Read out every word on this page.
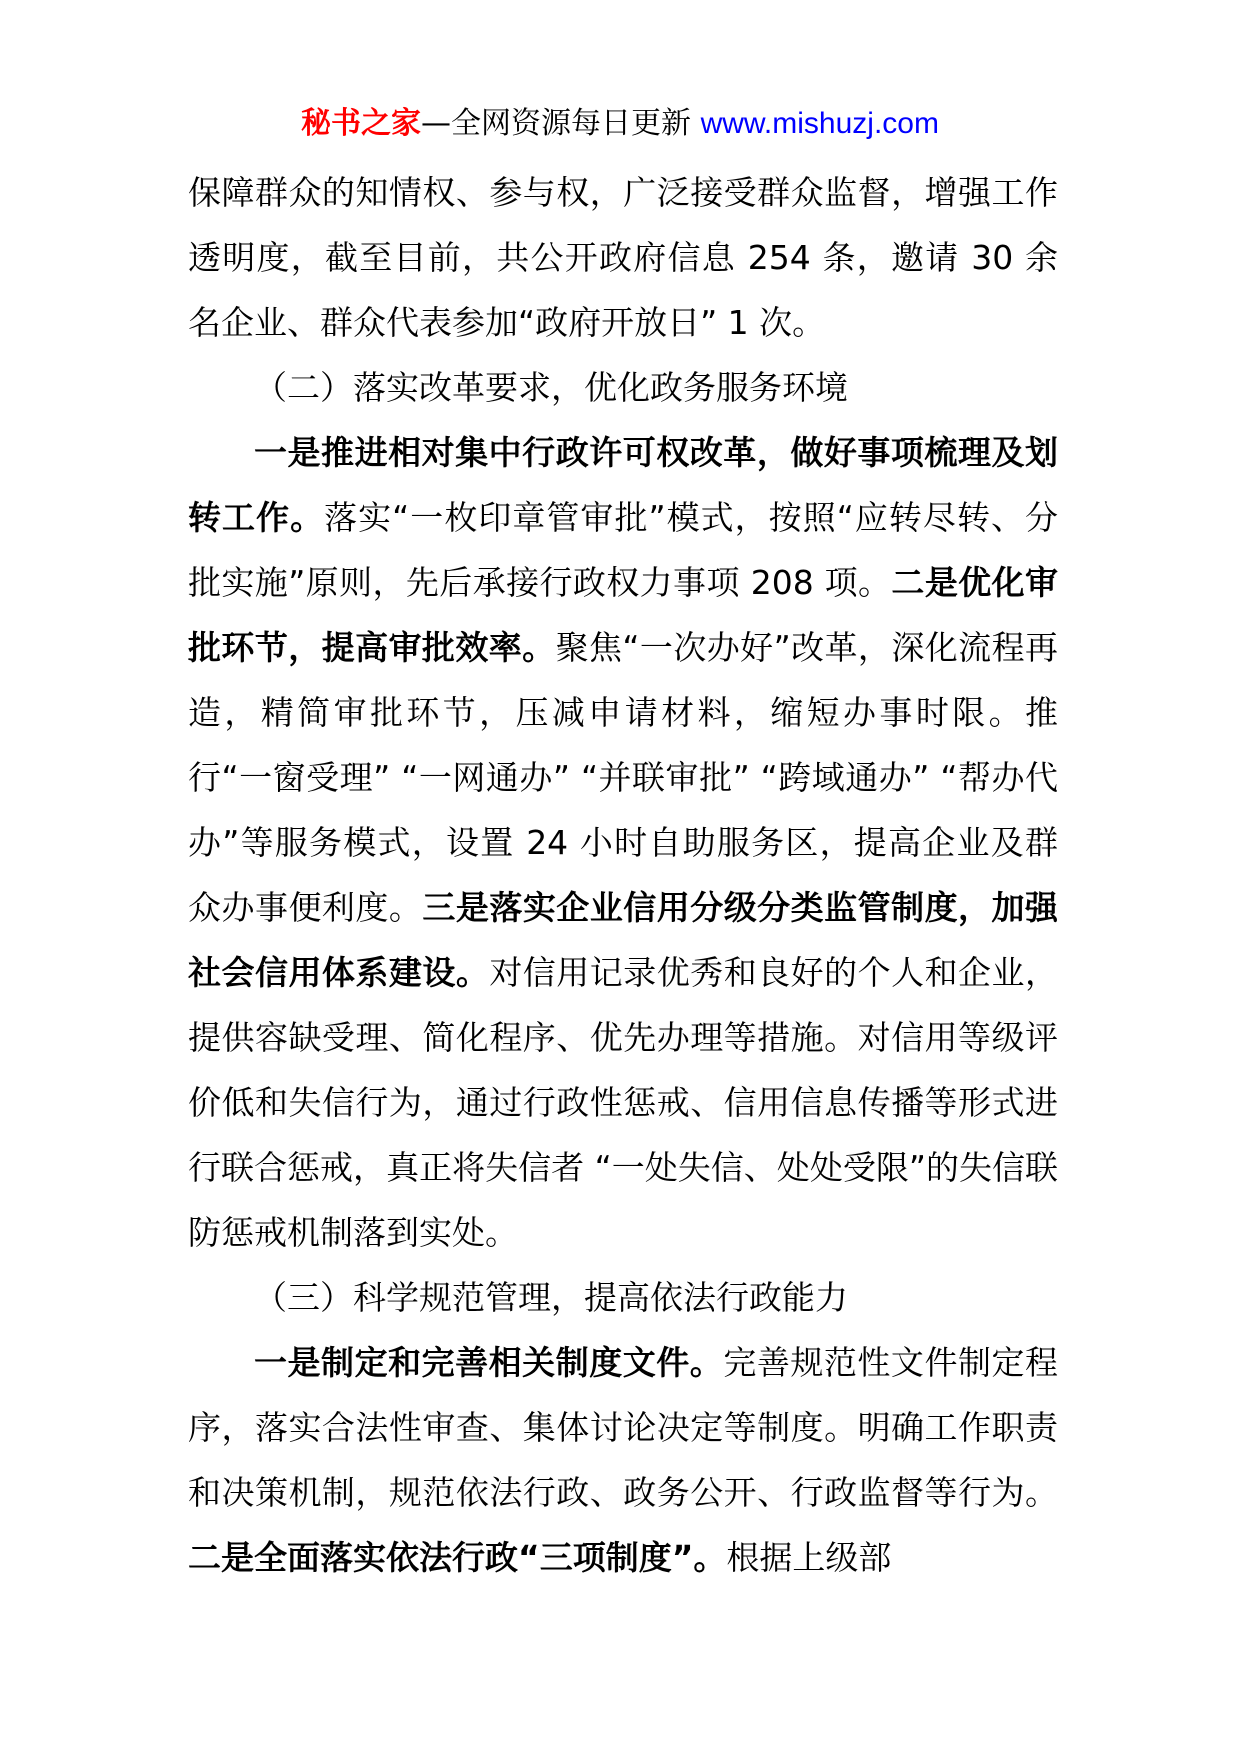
秘书之家—全网资源每日更新 www.mishuzj.com

保障群众的知情权、参与权，广泛接受群众监督，增强工作透明度，截至目前，共公开政府信息 254 条，邀请 30 余名企业、群众代表参加“政府开放日” 1 次。

（二）落实改革要求，优化政务服务环境

一是推进相对集中行政许可权改革，做好事项梳理及划转工作。落实“一枚印章管审批”模式，按照“应转尽转、分批实施”原则，先后承接行政权力事项 208 项。二是优化审批环节，提高审批效率。聚焦“一次办好”改革，深化流程再造，精简审批环节，压减申请材料，缩短办事时限。推行“一窗受理” “一网通办” “并联审批” “跨域通办” “帮办代办”等服务模式，设置 24 小时自助服务区，提高企业及群众办事便利度。三是落实企业信用分级分类监管制度，加强社会信用体系建设。对信用记录优秀和良好的个人和企业，提供容缺受理、简化程序、优先办理等措施。对信用等级评价低和失信行为，通过行政性惩戒、信用信息传播等形式进行联合惩戒，真正将失信者 “一处失信、处处受限”的失信联防惩戒机制落到实处。

（三）科学规范管理，提高依法行政能力

一是制定和完善相关制度文件。完善规范性文件制定程序，落实合法性审查、集体讨论决定等制度。明确工作职责和决策机制，规范依法行政、政务公开、行政监督等行为。二是全面落实依法行政“三项制度”。根据上级部
